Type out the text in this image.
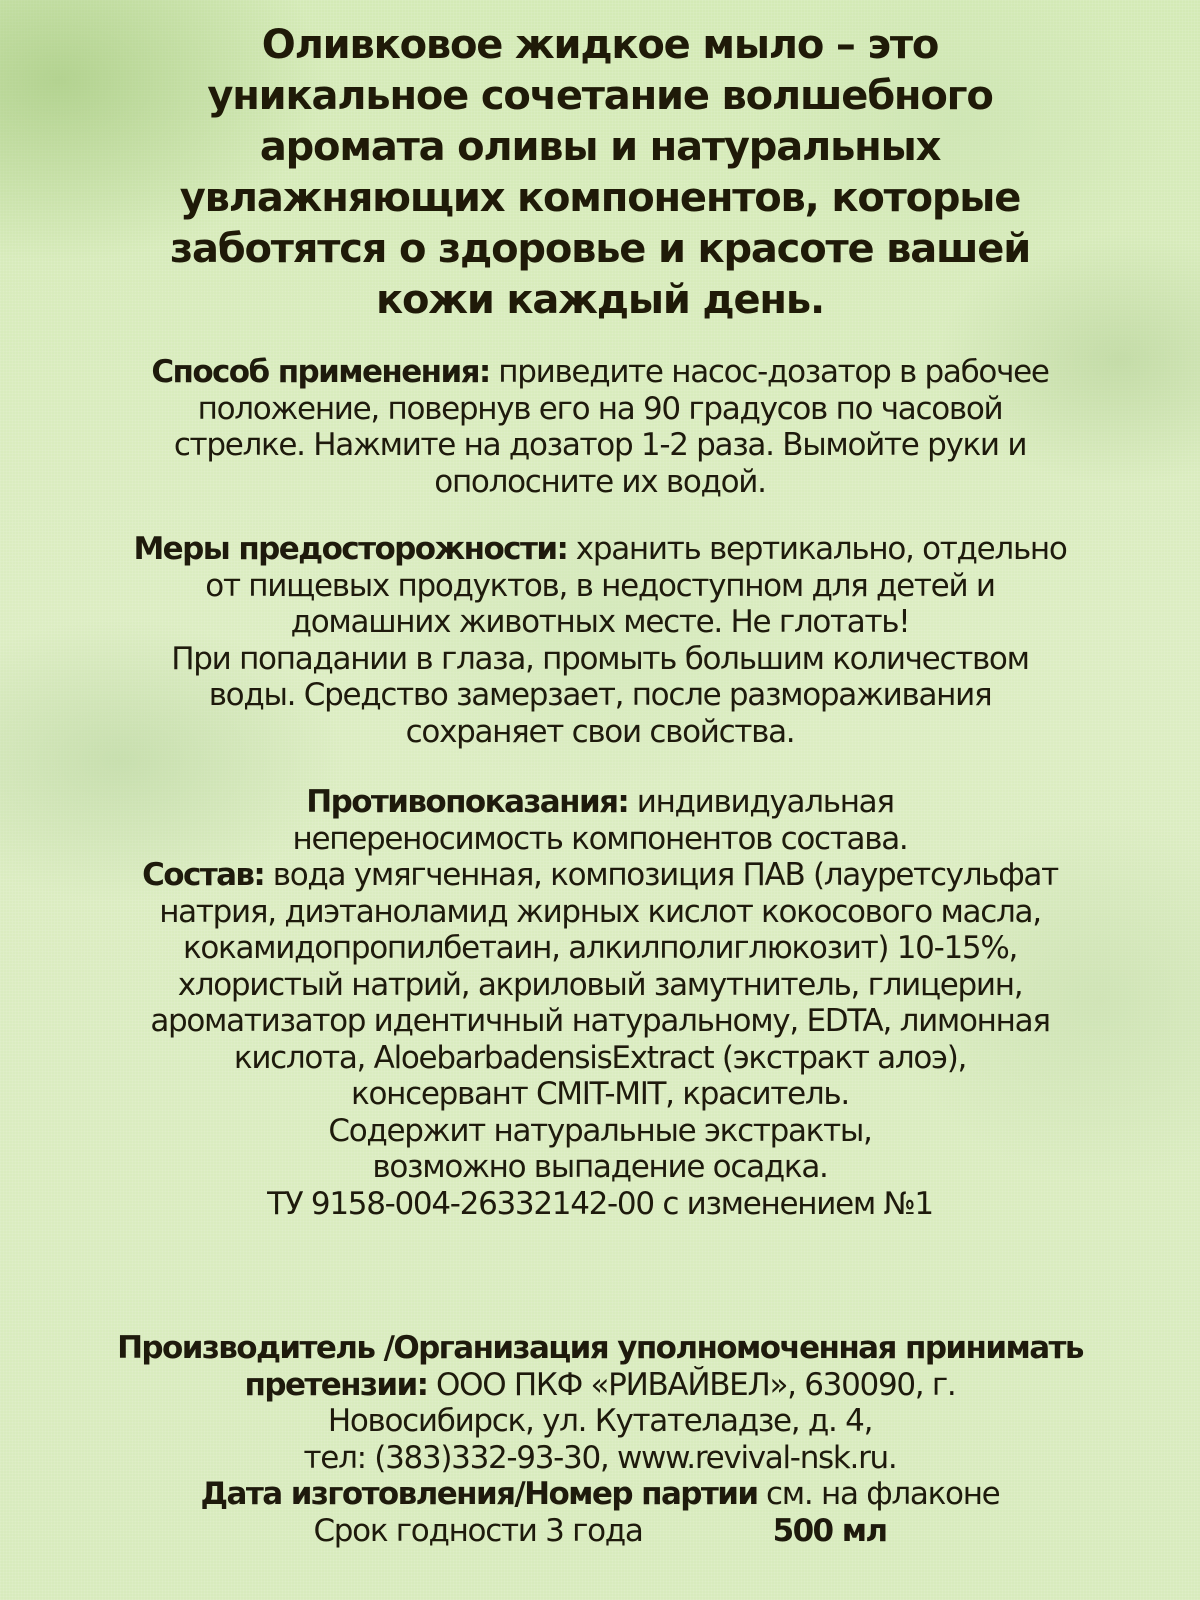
Оливковое жидкое мыло – это
уникальное сочетание волшебного
аромата оливы и натуральных
увлажняющих компонентов, которые
заботятся о здоровье и красоте вашей
кожи каждый день.
Способ применения: приведите насос-дозатор в рабочее
положение, повернув его на 90 градусов по часовой
стрелке. Нажмите на дозатор 1-2 раза. Вымойте руки и
ополосните их водой.
Меры предосторожности: хранить вертикально, отдельно
от пищевых продуктов, в недоступном для детей и
домашних животных месте. Не глотать!
При попадании в глаза, промыть большим количеством
воды. Средство замерзает, после размораживания
сохраняет свои свойства.
Противопоказания: индивидуальная
непереносимость компонентов состава.
Состав: вода умягченная, композиция ПАВ (лауретсульфат
натрия, диэтаноламид жирных кислот кокосового масла,
кокамидопропилбетаин, алкилполиглюкозит) 10-15%,
хлористый натрий, акриловый замутнитель, глицерин,
ароматизатор идентичный натуральному, EDTA, лимонная
кислота, AloebarbadensisExtract (экстракт алоэ),
консервант CMIT-MIT, краситель.
Содержит натуральные экстракты,
возможно выпадение осадка.
ТУ 9158-004-26332142-00 с изменением №1
Производитель /Организация уполномоченная принимать
претензии: ООО ПКФ «РИВАЙВЕЛ», 630090, г.
Новосибирск, ул. Кутателадзе, д. 4,
тел: (383)332-93-30, www.revival-nsk.ru.
Дата изготовления/Номер партии см. на флаконе
Срок годности 3 года	500 мл
